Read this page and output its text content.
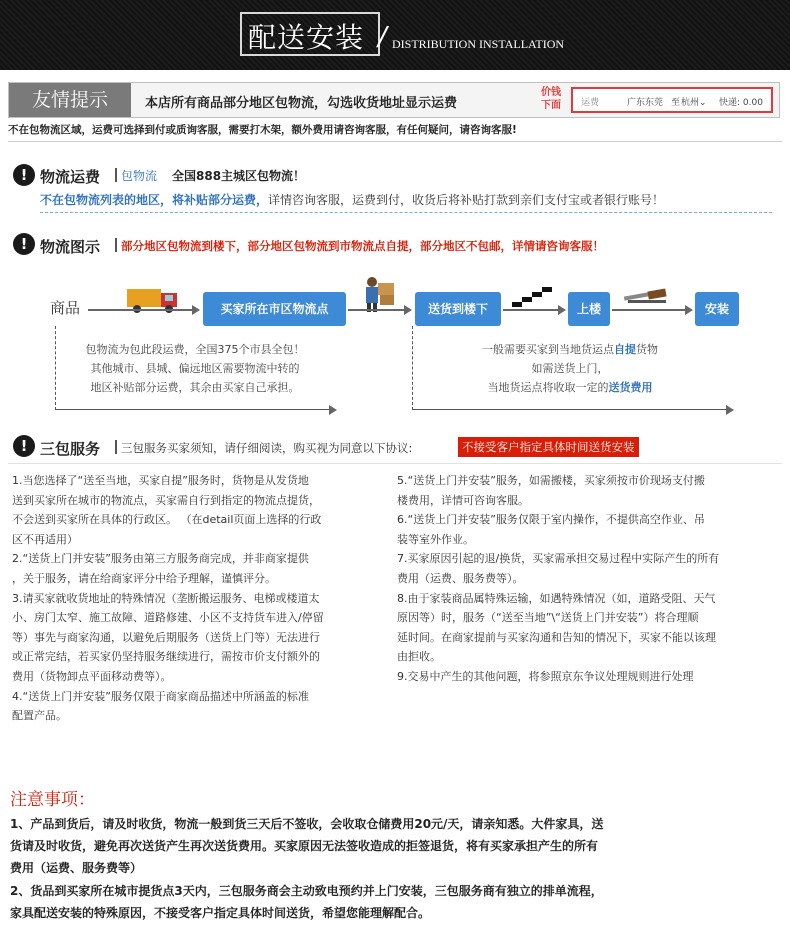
配送安装 / DISTRIBUTION INSTALLATION
友情提示	本店所有商品部分地区包物流，勾选收货地址显示运费
价钱下面	运费	广东东莞 至 杭州⌄ 快递: 0.00
不在包物流区域，运费可选择到付或质询客服，需要打木架，额外费用请咨询客服，有任何疑问，请咨询客服!
! 物流运费 包物流 全国888主城区包物流！
不在包物流列表的地区，将补贴部分运费，详情咨询客服，运费到付，收货后将补贴打款到亲们支付宝或者银行账号！
! 物流图示 部分地区包物流到楼下，部分地区包物流到市物流点自提，部分地区不包邮，详情请咨询客服！
商品	买家所在市区物流点	送货到楼下	上楼	安装
包物流为包此段运费，全国375个市县全包！
其他城市、县城、偏远地区需要物流中转的
地区补贴部分运费，其余由买家自己承担。
一般需要买家到当地货运点自提货物
如需送货上门，
当地货运点将收取一定的送货费用
! 三包服务 三包服务买家须知，请仔细阅读，购买视为同意以下协议:	不接受客户指定具体时间送货安装
1.当您选择了“送至当地，买家自提”服务时，货物是从发货地
送到买家所在城市的物流点，买家需自行到指定的物流点提货，
不会送到买家所在具体的行政区。 （在detail页面上选择的行政
区不再适用）
2.“送货上门并安装”服务由第三方服务商完成，并非商家提供
，关于服务，请在给商家评分中给予理解，谨慎评分。
3.请买家就收货地址的特殊情况（垄断搬运服务、电梯或楼道太
小、房门太窄、施工故障、道路修建、小区不支持货车进入/停留
等）事先与商家沟通，以避免后期服务（送货上门等）无法进行
或正常完结，若买家仍坚持服务继续进行，需按市价支付额外的
费用（货物卸点平面移动费等）。
4.“送货上门并安装”服务仅限于商家商品描述中所涵盖的标准
配置产品。
5.“送货上门并安装”服务，如需搬楼，买家须按市价现场支付搬
楼费用，详情可咨询客服。
6.“送货上门并安装”服务仅限于室内操作，不提供高空作业、吊
装等室外作业。
7.买家原因引起的退/换货，买家需承担交易过程中实际产生的所有
费用（运费、服务费等）。
8.由于家装商品属特殊运输，如遇特殊情况（如，道路受阻、天气
原因等）时，服务（“送至当地”\“送货上门并安装”）将合理顺
延时间。在商家提前与买家沟通和告知的情况下，买家不能以该理
由拒收。
9.交易中产生的其他问题，将参照京东争议处理规则进行处理
注意事项：
1、产品到货后，请及时收货，物流一般到货三天后不签收，会收取仓储费用20元/天，请亲知悉。大件家具，送
货请及时收货，避免再次送货产生再次送货费用。买家原因无法签收造成的拒签退货，将有买家承担产生的所有
费用（运费、服务费等）
2、货品到买家所在城市提货点3天内，三包服务商会主动致电预约并上门安装，三包服务商有独立的排单流程，
家具配送安装的特殊原因，不接受客户指定具体时间送货，希望您能理解配合。
